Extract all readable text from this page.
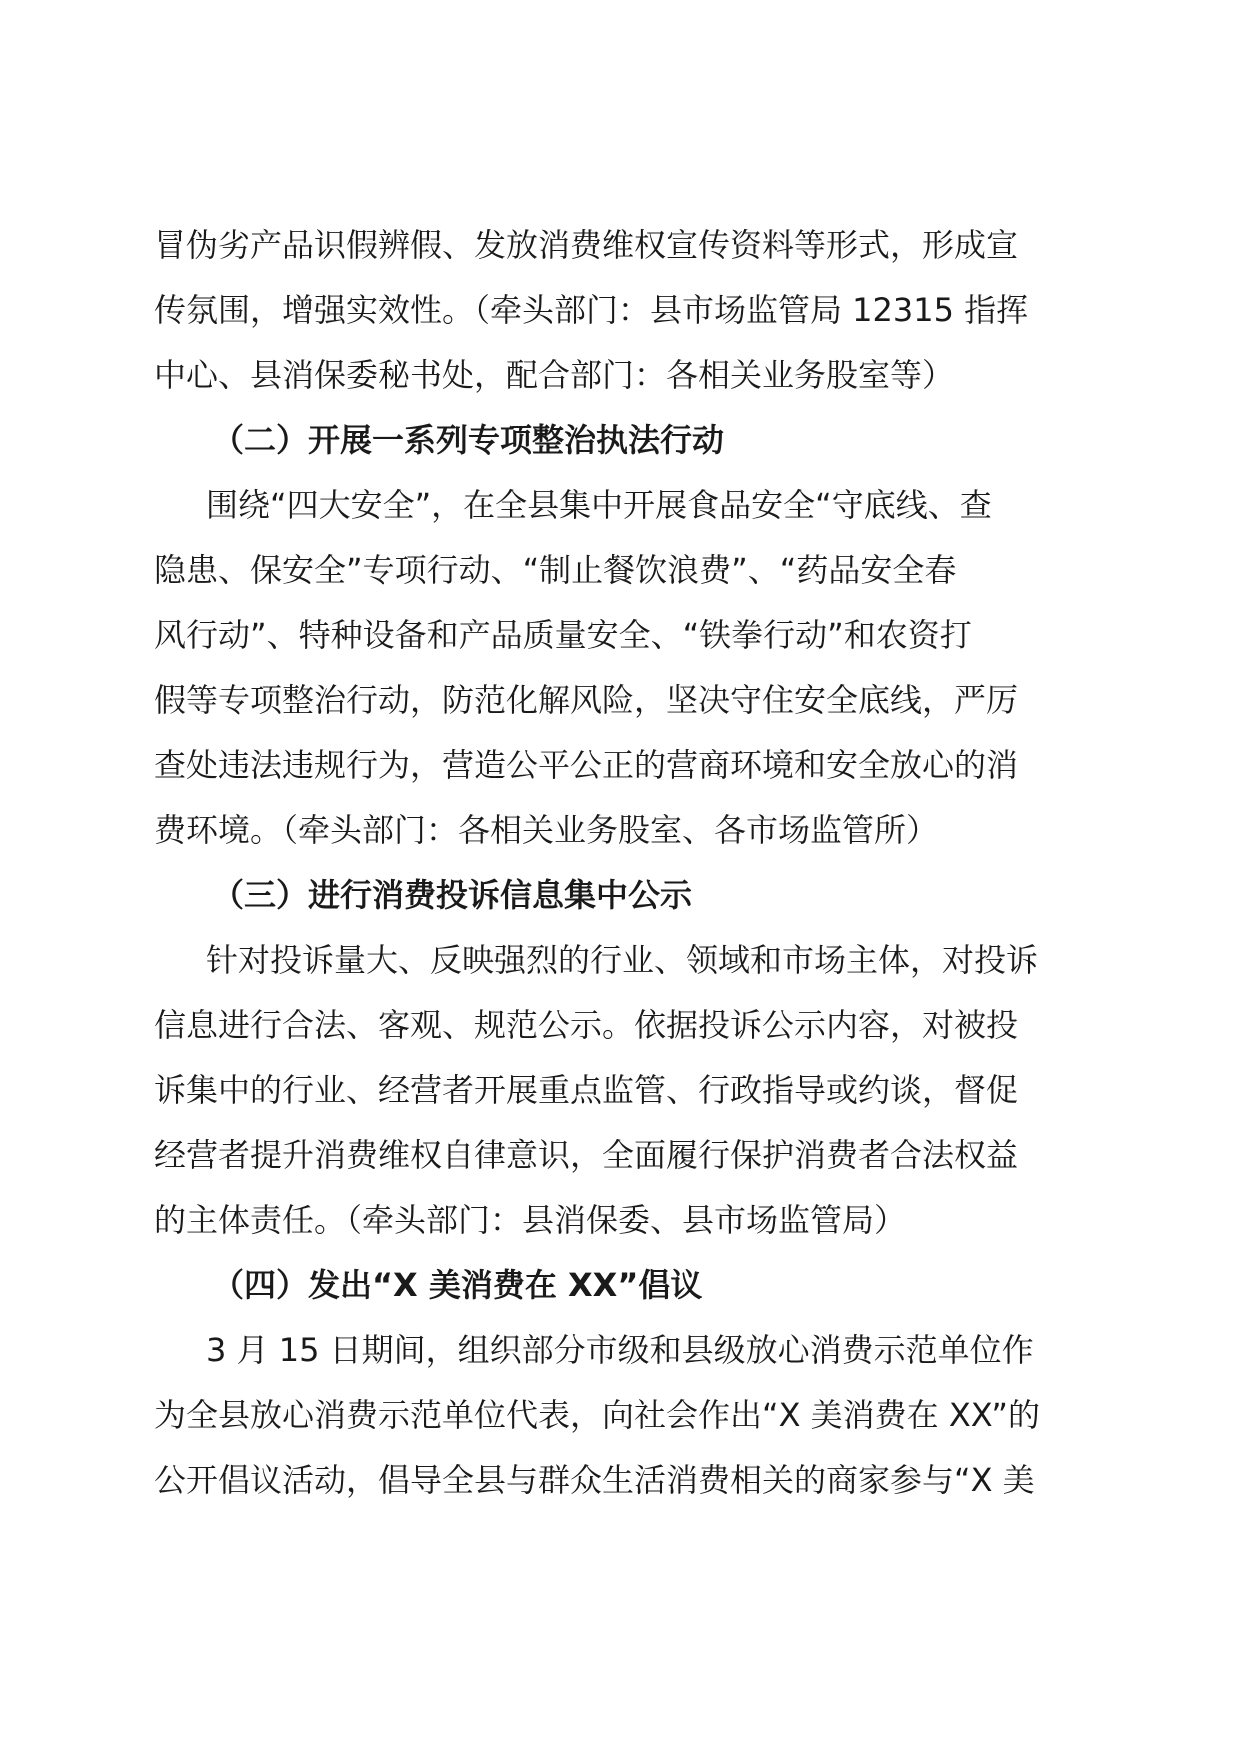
冒伪劣产品识假辨假、发放消费维权宣传资料等形式，形成宣
传氛围，增强实效性。（牵头部门：县市场监管局 12315 指挥
中心、县消保委秘书处，配合部门：各相关业务股室等）
（二）开展一系列专项整治执法行动
围绕“四大安全”，在全县集中开展食品安全“守底线、查
隐患、保安全”专项行动、“制止餐饮浪费”、“药品安全春
风行动”、特种设备和产品质量安全、“铁拳行动”和农资打
假等专项整治行动，防范化解风险，坚决守住安全底线，严厉
查处违法违规行为，营造公平公正的营商环境和安全放心的消
费环境。（牵头部门：各相关业务股室、各市场监管所）
（三）进行消费投诉信息集中公示
针对投诉量大、反映强烈的行业、领域和市场主体，对投诉
信息进行合法、客观、规范公示。依据投诉公示内容，对被投
诉集中的行业、经营者开展重点监管、行政指导或约谈，督促
经营者提升消费维权自律意识，全面履行保护消费者合法权益
的主体责任。（牵头部门：县消保委、县市场监管局）
（四）发出“X 美消费在 XX”倡议
3 月 15 日期间，组织部分市级和县级放心消费示范单位作
为全县放心消费示范单位代表，向社会作出“X 美消费在 XX”的
公开倡议活动，倡导全县与群众生活消费相关的商家参与“X 美
